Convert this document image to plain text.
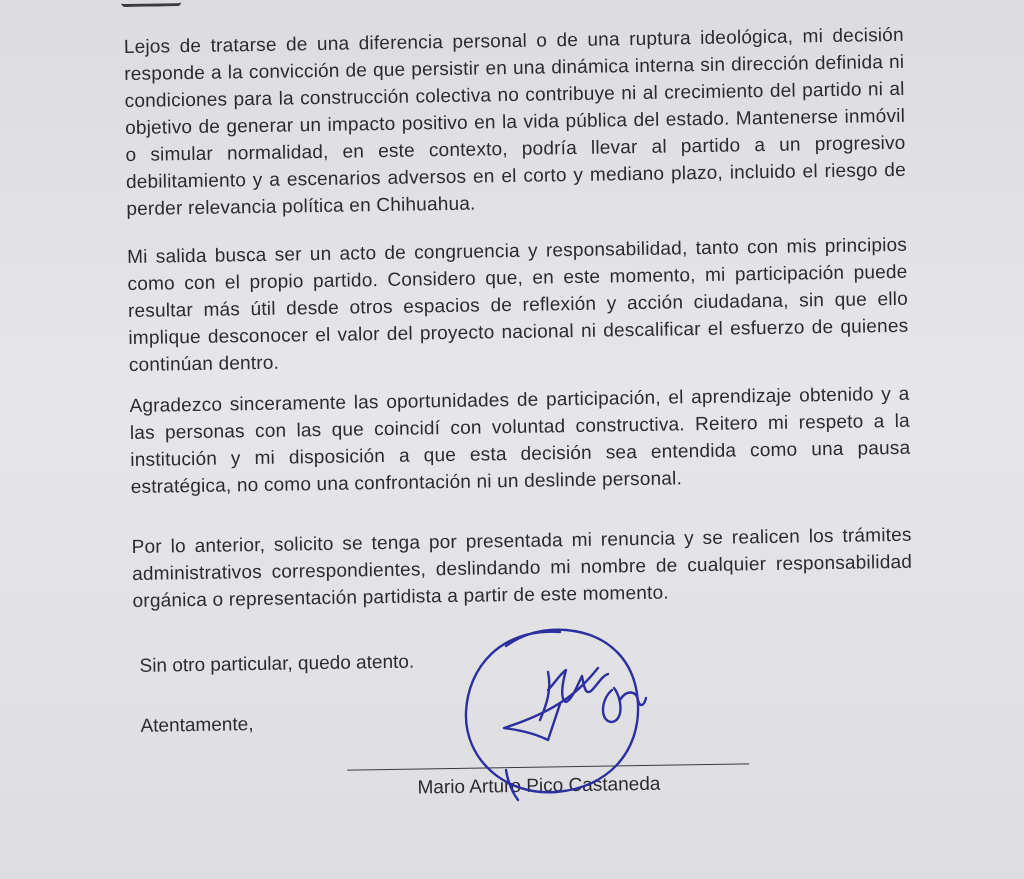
Lejos de tratarse de una diferencia personal o de una ruptura ideológica, mi decisión responde a la convicción de que persistir en una dinámica interna sin dirección definida ni condiciones para la construcción colectiva no contribuye ni al crecimiento del partido ni al objetivo de generar un impacto positivo en la vida pública del estado. Mantenerse inmóvil o simular normalidad, en este contexto, podría llevar al partido a un progresivo debilitamiento y a escenarios adversos en el corto y mediano plazo, incluido el riesgo de perder relevancia política en Chihuahua.

Mi salida busca ser un acto de congruencia y responsabilidad, tanto con mis principios como con el propio partido. Considero que, en este momento, mi participación puede resultar más útil desde otros espacios de reflexión y acción ciudadana, sin que ello implique desconocer el valor del proyecto nacional ni descalificar el esfuerzo de quienes continúan dentro.

Agradezco sinceramente las oportunidades de participación, el aprendizaje obtenido y a las personas con las que coincidí con voluntad constructiva. Reitero mi respeto a la institución y mi disposición a que esta decisión sea entendida como una pausa estratégica, no como una confrontación ni un deslinde personal.

Por lo anterior, solicito se tenga por presentada mi renuncia y se realicen los trámites administrativos correspondientes, deslindando mi nombre de cualquier responsabilidad orgánica o representación partidista a partir de este momento.

Sin otro particular, quedo atento.

Atentamente,

Mario Arturo Pico Castaneda
